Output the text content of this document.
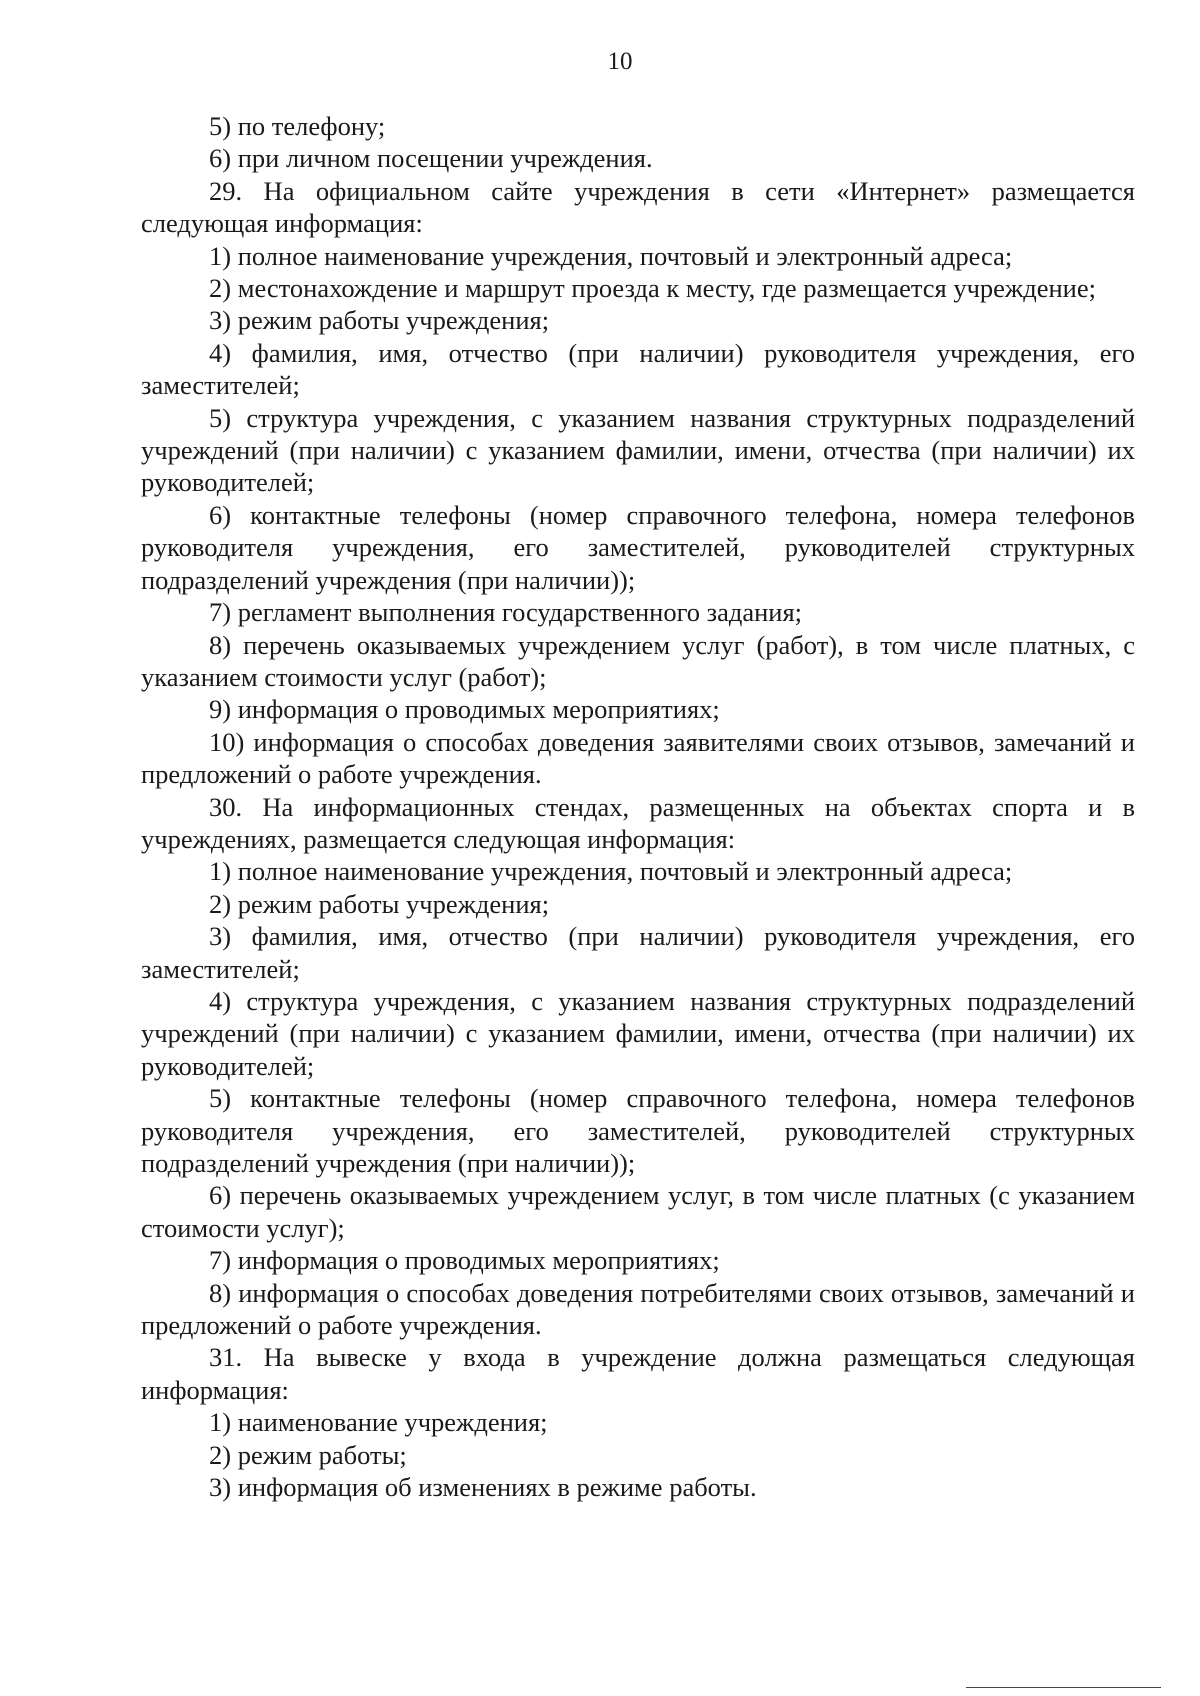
10

5) по телефону;

6) при личном посещении учреждения.

29. На официальном сайте учреждения в сети «Интернет» размещается следующая информация:

1) полное наименование учреждения, почтовый и электронный адреса;

2) местонахождение и маршрут проезда к месту, где размещается учреждение;

3) режим работы учреждения;

4) фамилия, имя, отчество (при наличии) руководителя учреждения, его заместителей;

5) структура учреждения, с указанием названия структурных подразделений учреждений (при наличии) с указанием фамилии, имени, отчества (при наличии) их руководителей;

6) контактные телефоны (номер справочного телефона, номера телефонов руководителя учреждения, его заместителей, руководителей структурных подразделений учреждения (при наличии));

7) регламент выполнения государственного задания;

8) перечень оказываемых учреждением услуг (работ), в том числе платных, с указанием стоимости услуг (работ);

9) информация о проводимых мероприятиях;

10) информация о способах доведения заявителями своих отзывов, замечаний и предложений о работе учреждения.

30. На информационных стендах, размещенных на объектах спорта и в учреждениях, размещается следующая информация:

1) полное наименование учреждения, почтовый и электронный адреса;

2) режим работы учреждения;

3) фамилия, имя, отчество (при наличии) руководителя учреждения, его заместителей;

4) структура учреждения, с указанием названия структурных подразделений учреждений (при наличии) с указанием фамилии, имени, отчества (при наличии) их руководителей;

5) контактные телефоны (номер справочного телефона, номера телефонов руководителя учреждения, его заместителей, руководителей структурных подразделений учреждения (при наличии));

6) перечень оказываемых учреждением услуг, в том числе платных (с указанием стоимости услуг);

7) информация о проводимых мероприятиях;

8) информация о способах доведения потребителями своих отзывов, замечаний и предложений о работе учреждения.

31. На вывеске у входа в учреждение должна размещаться следующая информация:

1) наименование учреждения;

2) режим работы;

3) информация об изменениях в режиме работы.
